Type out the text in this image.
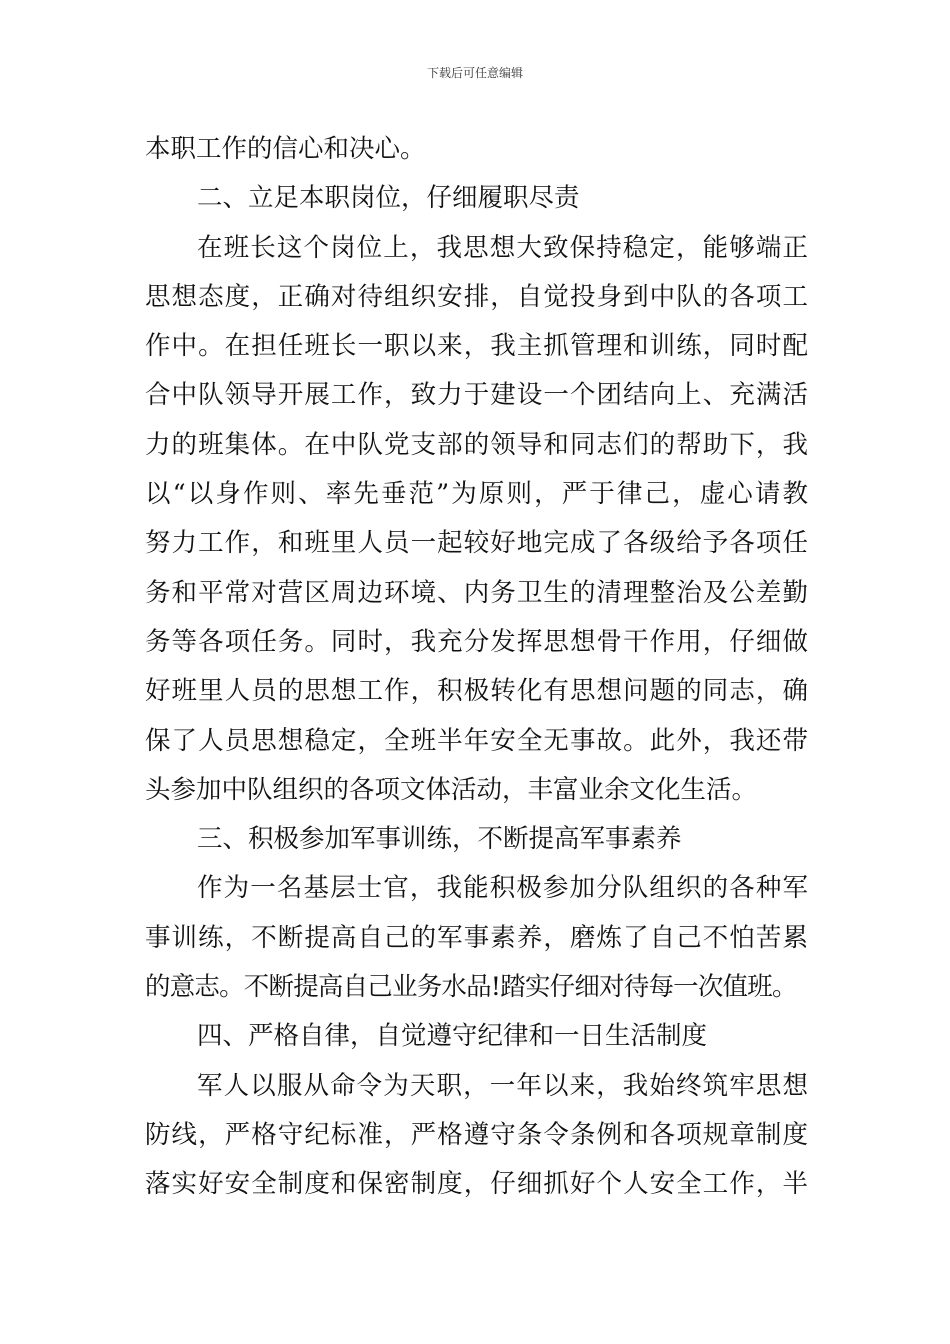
下载后可任意编辑
本职工作的信心和决心。
二、立足本职岗位，仔细履职尽责
在班长这个岗位上，我思想大致保持稳定，能够端正
思想态度，正确对待组织安排，自觉投身到中队的各项工
作中。在担任班长一职以来，我主抓管理和训练，同时配
合中队领导开展工作，致力于建设一个团结向上、充满活
力的班集体。在中队党支部的领导和同志们的帮助下，我
以“以身作则、率先垂范”为原则，严于律己，虚心请教
努力工作，和班里人员一起较好地完成了各级给予各项任
务和平常对营区周边环境、内务卫生的清理整治及公差勤
务等各项任务。同时，我充分发挥思想骨干作用，仔细做
好班里人员的思想工作，积极转化有思想问题的同志，确
保了人员思想稳定，全班半年安全无事故。此外，我还带
头参加中队组织的各项文体活动，丰富业余文化生活。
三、积极参加军事训练，不断提高军事素养
作为一名基层士官，我能积极参加分队组织的各种军
事训练，不断提高自己的军事素养，磨炼了自己不怕苦累
的意志。不断提高自己业务水品!踏实仔细对待每一次值班。
四、严格自律，自觉遵守纪律和一日生活制度
军人以服从命令为天职，一年以来，我始终筑牢思想
防线，严格守纪标准，严格遵守条令条例和各项规章制度
落实好安全制度和保密制度，仔细抓好个人安全工作，半
